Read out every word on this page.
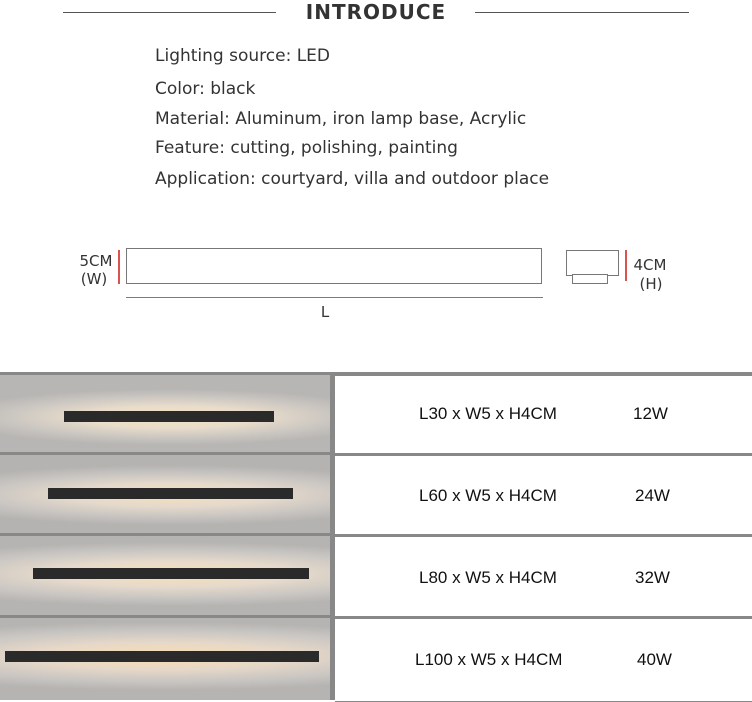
INTRODUCE
Lighting source: LED
Color: black
Material: Aluminum, iron lamp base, Acrylic
Feature: cutting, polishing, painting
Application: courtyard, villa and outdoor place
5CM
(W)
L
4CM
(H)
L30 x W5 x H4CM	12W
L60 x W5 x H4CM	24W
L80 x W5 x H4CM	32W
L100 x W5 x H4CM	40W
